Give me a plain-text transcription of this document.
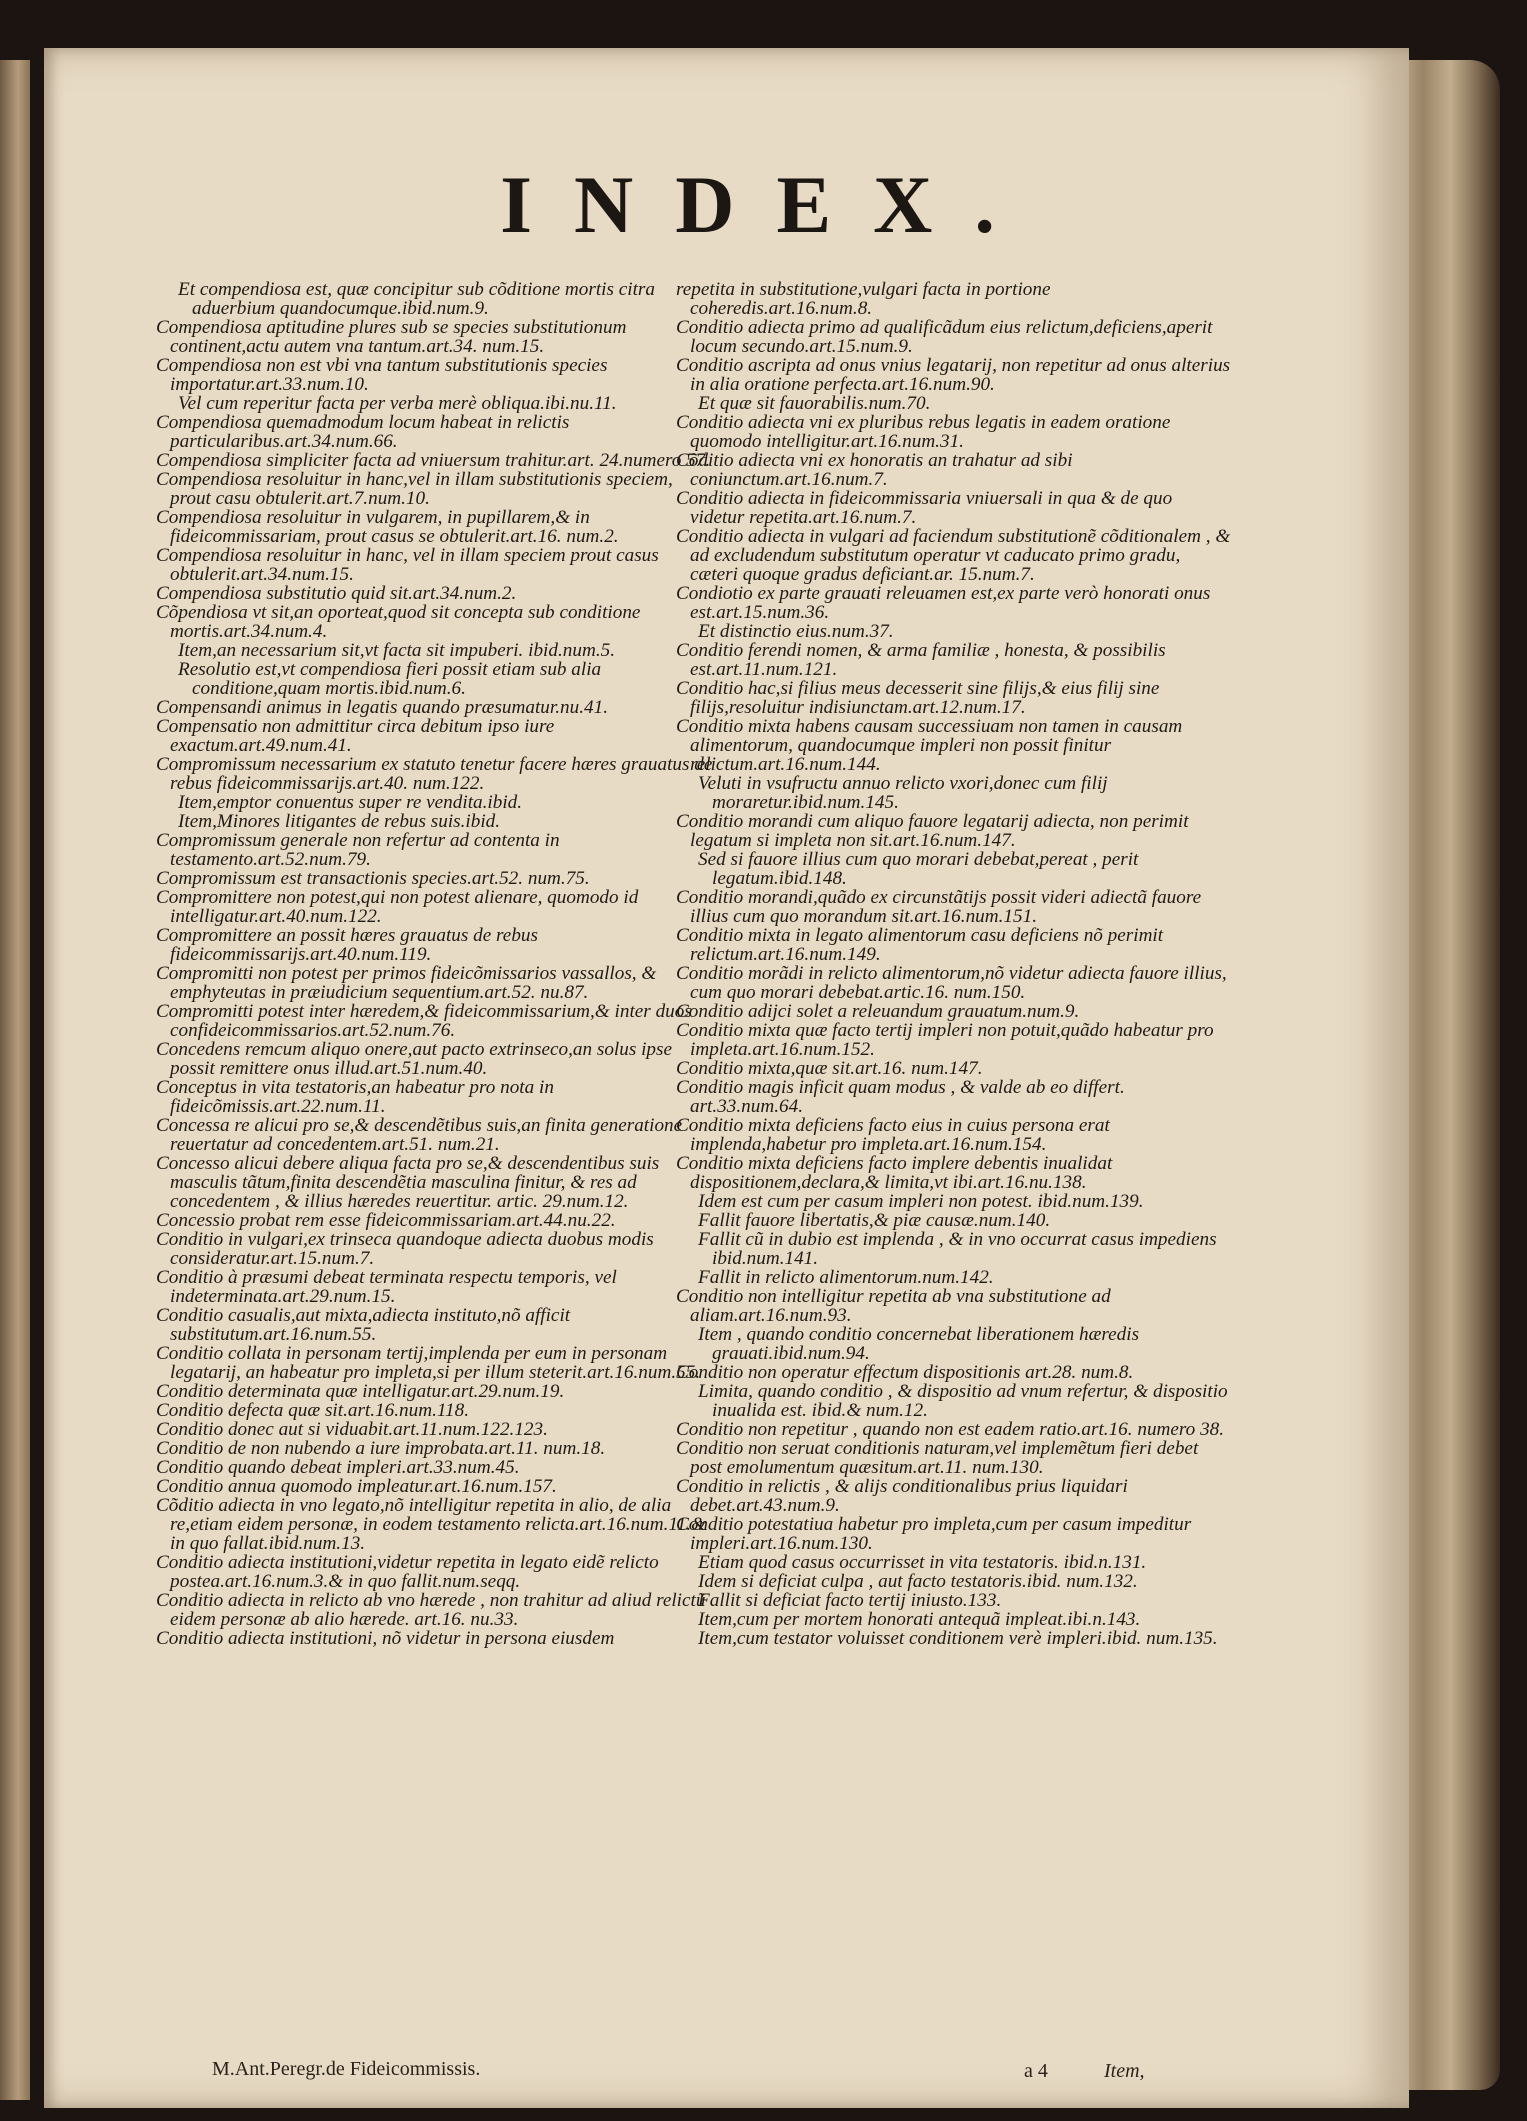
INDEX.

Et compendiosa est, quæ concipitur sub cõditione mortis citra aduerbium quandocumque.ibid.num.9.

Compendiosa aptitudine plures sub se species substitutionum continent,actu autem vna tantum.art.34. num.15.

Compendiosa non est vbi vna tantum substitutionis species importatur.art.33.num.10.

Vel cum reperitur facta per verba merè obliqua.ibi.nu.11.

Compendiosa quemadmodum locum habeat in relictis particularibus.art.34.num.66.

Compendiosa simpliciter facta ad vniuersum trahitur.art. 24.numero 57.

Compendiosa resoluitur in hanc,vel in illam substitutionis speciem, prout casu obtulerit.art.7.num.10.

Compendiosa resoluitur in vulgarem, in pupillarem,& in fideicommissariam, prout casus se obtulerit.art.16. num.2.

Compendiosa resoluitur in hanc, vel in illam speciem prout casus obtulerit.art.34.num.15.

Compendiosa substitutio quid sit.art.34.num.2.

Cõpendiosa vt sit,an oporteat,quod sit concepta sub conditione mortis.art.34.num.4.

Item,an necessarium sit,vt facta sit impuberi. ibid.num.5.

Resolutio est,vt compendiosa fieri possit etiam sub alia conditione,quam mortis.ibid.num.6.

Compensandi animus in legatis quando præsumatur.nu.41.

Compensatio non admittitur circa debitum ipso iure exactum.art.49.num.41.

Compromissum necessarium ex statuto tenetur facere hæres grauatus de rebus fideicommissarijs.art.40. num.122.

Item,emptor conuentus super re vendita.ibid.

Item,Minores litigantes de rebus suis.ibid.

Compromissum generale non refertur ad contenta in testamento.art.52.num.79.

Compromissum est transactionis species.art.52. num.75.

Compromittere non potest,qui non potest alienare, quomodo id intelligatur.art.40.num.122.

Compromittere an possit hæres grauatus de rebus fideicommissarijs.art.40.num.119.

Compromitti non potest per primos fideicõmissarios vassallos, & emphyteutas in præiudicium sequentium.art.52. nu.87.

Compromitti potest inter hæredem,& fideicommissarium,& inter duos confideicommissarios.art.52.num.76.

Concedens remcum aliquo onere,aut pacto extrinseco,an solus ipse possit remittere onus illud.art.51.num.40.

Conceptus in vita testatoris,an habeatur pro nota in fideicõmissis.art.22.num.11.

Concessa re alicui pro se,& descendẽtibus suis,an finita generatione reuertatur ad concedentem.art.51. num.21.

Concesso alicui debere aliqua facta pro se,& descendentibus suis masculis tãtum,finita descendẽtia masculina finitur, & res ad concedentem , & illius hæredes reuertitur. artic. 29.num.12.

Concessio probat rem esse fideicommissariam.art.44.nu.22.

Conditio in vulgari,ex trinseca quandoque adiecta duobus modis consideratur.art.15.num.7.

Conditio à præsumi debeat terminata respectu temporis, vel indeterminata.art.29.num.15.

Conditio casualis,aut mixta,adiecta instituto,nõ afficit substitutum.art.16.num.55.

Conditio collata in personam tertij,implenda per eum in personam legatarij, an habeatur pro impleta,si per illum steterit.art.16.num.55.

Conditio determinata quæ intelligatur.art.29.num.19.

Conditio defecta quæ sit.art.16.num.118.

Conditio donec aut si viduabit.art.11.num.122.123.

Conditio de non nubendo a iure improbata.art.11. num.18.

Conditio quando debeat impleri.art.33.num.45.

Conditio annua quomodo impleatur.art.16.num.157.

Cõditio adiecta in vno legato,nõ intelligitur repetita in alio, de alia re,etiam eidem personæ, in eodem testamento relicta.art.16.num.11.& in quo fallat.ibid.num.13.

Conditio adiecta institutioni,videtur repetita in legato eidẽ relicto postea.art.16.num.3.& in quo fallit.num.seqq.

Conditio adiecta in relicto ab vno hærede , non trahitur ad aliud relictũ eidem personæ ab alio hærede. art.16. nu.33.

Conditio adiecta institutioni, nõ videtur in persona eiusdem

repetita in substitutione,vulgari facta in portione coheredis.art.16.num.8.

Conditio adiecta primo ad qualificãdum eius relictum,deficiens,aperit locum secundo.art.15.num.9.

Conditio ascripta ad onus vnius legatarij, non repetitur ad onus alterius in alia oratione perfecta.art.16.num.90.

Et quæ sit fauorabilis.num.70.

Conditio adiecta vni ex pluribus rebus legatis in eadem oratione quomodo intelligitur.art.16.num.31.

Cõditio adiecta vni ex honoratis an trahatur ad sibi coniunctum.art.16.num.7.

Conditio adiecta in fideicommissaria vniuersali in qua & de quo videtur repetita.art.16.num.7.

Conditio adiecta in vulgari ad faciendum substitutionẽ cõditionalem , & ad excludendum substitutum operatur vt caducato primo gradu, cæteri quoque gradus deficiant.ar. 15.num.7.

Condiotio ex parte grauati releuamen est,ex parte verò honorati onus est.art.15.num.36.

Et distinctio eius.num.37.

Conditio ferendi nomen, & arma familiæ , honesta, & possibilis est.art.11.num.121.

Conditio hac,si filius meus decesserit sine filijs,& eius filij sine filijs,resoluitur indisiunctam.art.12.num.17.

Conditio mixta habens causam successiuam non tamen in causam alimentorum, quandocumque impleri non possit finitur relictum.art.16.num.144.

Veluti in vsufructu annuo relicto vxori,donec cum filij moraretur.ibid.num.145.

Conditio morandi cum aliquo fauore legatarij adiecta, non perimit legatum si impleta non sit.art.16.num.147.

Sed si fauore illius cum quo morari debebat,pereat , perit legatum.ibid.148.

Conditio morandi,quãdo ex circunstãtijs possit videri adiectã fauore illius cum quo morandum sit.art.16.num.151.

Conditio mixta in legato alimentorum casu deficiens nõ perimit relictum.art.16.num.149.

Conditio morãdi in relicto alimentorum,nõ videtur adiecta fauore illius, cum quo morari debebat.artic.16. num.150.

Conditio adijci solet a releuandum grauatum.num.9.

Conditio mixta quæ facto tertij impleri non potuit,quãdo habeatur pro impleta.art.16.num.152.

Conditio mixta,quæ sit.art.16. num.147.

Conditio magis inficit quam modus , & valde ab eo differt. art.33.num.64.

Conditio mixta deficiens facto eius in cuius persona erat implenda,habetur pro impleta.art.16.num.154.

Conditio mixta deficiens facto implere debentis inualidat dispositionem,declara,& limita,vt ibi.art.16.nu.138.

Idem est cum per casum impleri non potest. ibid.num.139.

Fallit fauore libertatis,& piæ causæ.num.140.

Fallit cũ in dubio est implenda , & in vno occurrat casus impediens ibid.num.141.

Fallit in relicto alimentorum.num.142.

Conditio non intelligitur repetita ab vna substitutione ad aliam.art.16.num.93.

Item , quando conditio concernebat liberationem hæredis grauati.ibid.num.94.

Conditio non operatur effectum dispositionis art.28. num.8.

Limita, quando conditio , & dispositio ad vnum refertur, & dispositio inualida est. ibid.& num.12.

Conditio non repetitur , quando non est eadem ratio.art.16. numero 38.

Conditio non seruat conditionis naturam,vel implemẽtum fieri debet post emolumentum quæsitum.art.11. num.130.

Conditio in relictis , & alijs conditionalibus prius liquidari debet.art.43.num.9.

Conditio potestatiua habetur pro impleta,cum per casum impeditur impleri.art.16.num.130.

Etiam quod casus occurrisset in vita testatoris. ibid.n.131.

Idem si deficiat culpa , aut facto testatoris.ibid. num.132.

Fallit si deficiat facto tertij iniusto.133.

Item,cum per mortem honorati antequã impleat.ibi.n.143.

Item,cum testator voluisset conditionem verè impleri.ibid. num.135.

M.Ant.Peregr.de Fideicommissis.	a 4	Item,
